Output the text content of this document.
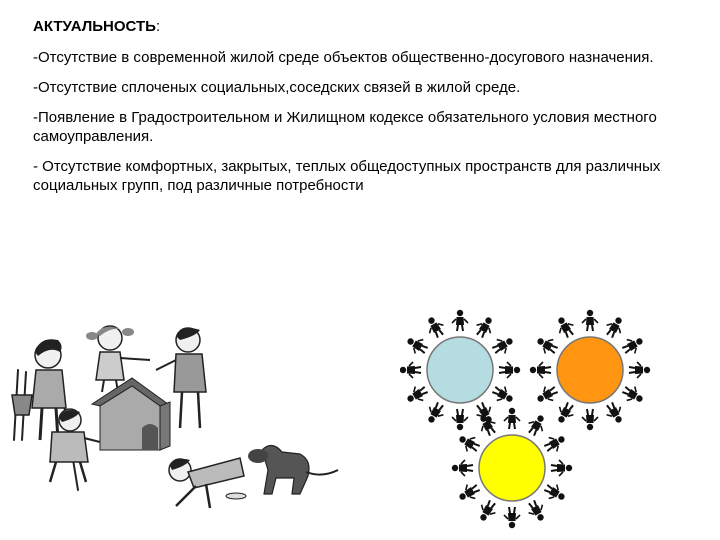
АКТУАЛЬНОСТЬ:
-Отсутствие в современной жилой среде объектов общественно-досугового назначения.
-Отсутствие сплоченых социальных,соседских связей в жилой среде.
-Появление в Градостроительном и Жилищном кодексе обязательного условия местного самоуправления.
- Отсутствие комфортных, закрытых, теплых общедоступных пространств для различных социальных групп, под различные потребности
